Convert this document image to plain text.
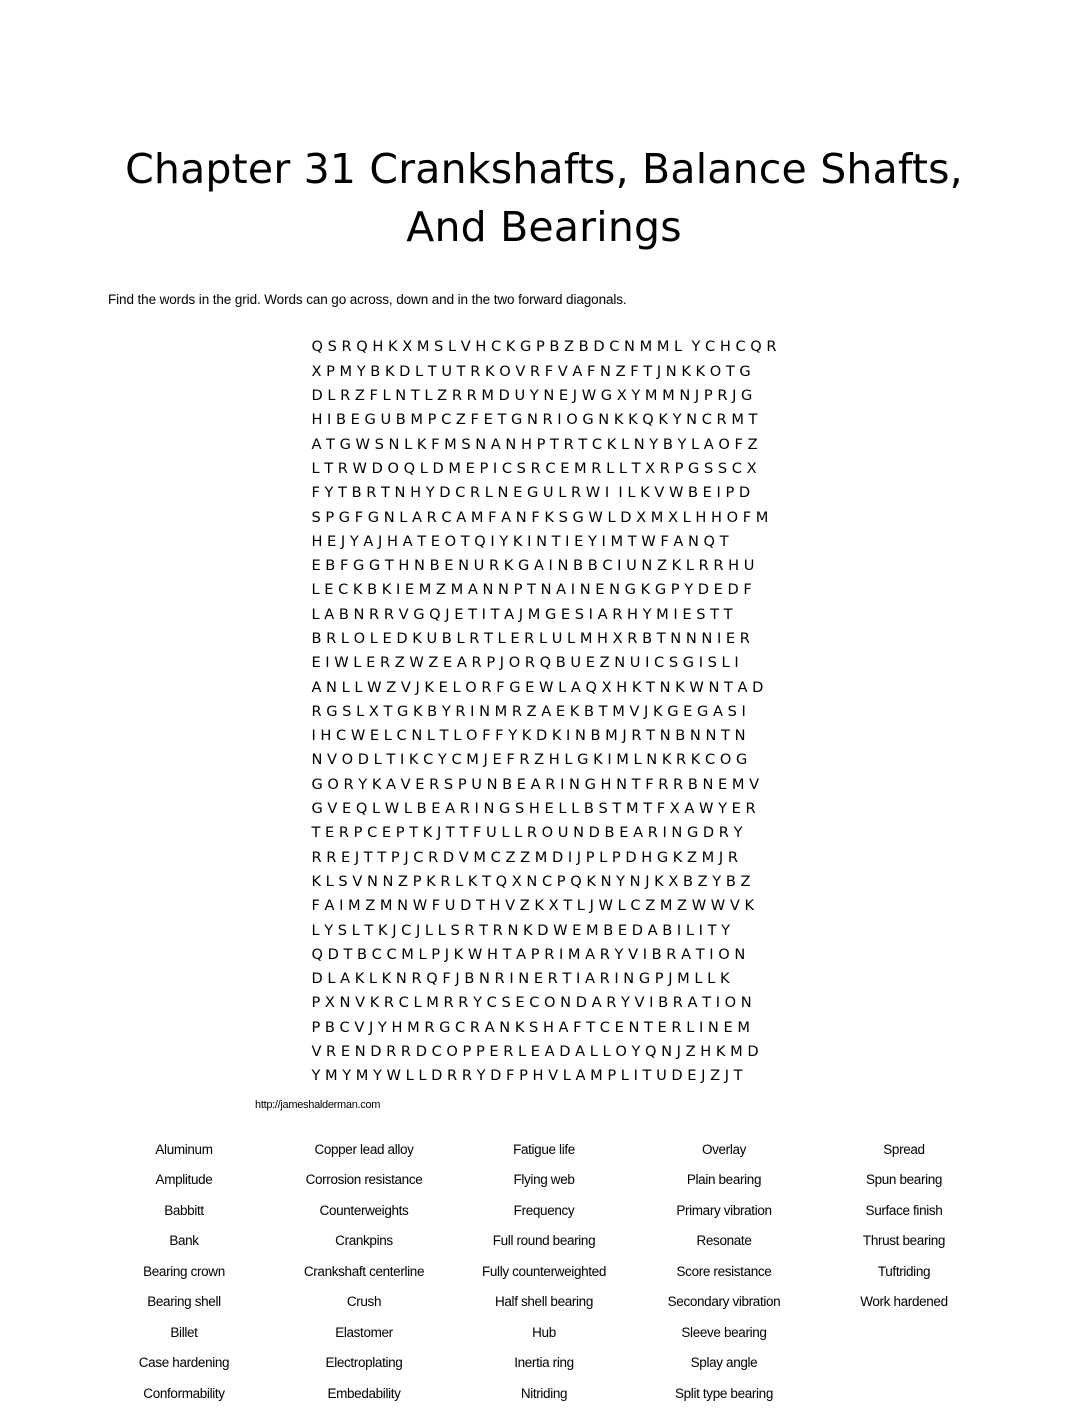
Chapter 31 Crankshafts, Balance Shafts, And Bearings

Find the words in the grid. Words can go across, down and in the two forward diagonals.

Q S R Q H K X M S L V H C K G P B Z B D C N M M L  Y C H C Q R
X P M Y B K D L T U T R K O V R F V A F N Z F T J N K K O T G
D L R Z F L N T L Z R R M D U Y N E J W G X Y M M N J P R J G
H I B E G U B M P C Z F E T G N R I O G N K K Q K Y N C R M T
A T G W S N L K F M S N A N H P T R T C K L N Y B Y L A O F Z
L T R W D O Q L D M E P I C S R C E M R L L T X R P G S S C X
F Y T B R T N H Y D C R L N E G U L R W I  I L K V W B E I P D
S P G F G N L A R C A M F A N F K S G W L D X M X L H H O F M
H E J Y A J H A T E O T Q I Y K I N T I E Y I M T W F A N Q T
E B F G G T H N B E N U R K G A I N B B C I U N Z K L R R H U
L E C K B K I E M Z M A N N P T N A I N E N G K G P Y D E D F
L A B N R R V G Q J E T I T A J M G E S I A R H Y M I E S T T
B R L O L E D K U B L R T L E R L U L M H X R B T N N N I E R
E I W L E R Z W Z E A R P J O R Q B U E Z N U I C S G I S L I
A N L L W Z V J K E L O R F G E W L A Q X H K T N K W N T A D
R G S L X T G K B Y R I N M R Z A E K B T M V J K G E G A S I
I H C W E L C N L T L O F F Y K D K I N B M J R T N B N N T N
N V O D L T I K C Y C M J E F R Z H L G K I M L N K R K C O G
G O R Y K A V E R S P U N B E A R I N G H N T F R R B N E M V
G V E Q L W L B E A R I N G S H E L L B S T M T F X A W Y E R
T E R P C E P T K J T T F U L L R O U N D B E A R I N G D R Y
R R E J T T P J C R D V M C Z Z M D I J P L P D H G K Z M J R
K L S V N N Z P K R L K T Q X N C P Q K N Y N J K X B Z Y B Z
F A I M Z M N W F U D T H V Z K X T L J W L C Z M Z W W V K
L Y S L T K J C J L L S R T R N K D W E M B E D A B I L I T Y
Q D T B C C M L P J K W H T A P R I M A R Y V I B R A T I O N
D L A K L K N R Q F J B N R I N E R T I A R I N G P J M L L K
P X N V K R C L M R R Y C S E C O N D A R Y V I B R A T I O N
P B C V J Y H M R G C R A N K S H A F T C E N T E R L I N E M
V R E N D R R D C O P P E R L E A D A L L O Y Q N J Z H K M D
Y M Y M Y W L L D R R Y D F P H V L A M P L I T U D E J Z J T
http://jameshalderman.com
Aluminum	Copper lead alloy	Fatigue life	Overlay	Spread
Amplitude	Corrosion resistance	Flying web	Plain bearing	Spun bearing
Babbitt	Counterweights	Frequency	Primary vibration	Surface finish
Bank	Crankpins	Full round bearing	Resonate	Thrust bearing
Bearing crown	Crankshaft centerline	Fully counterweighted	Score resistance	Tuftriding
Bearing shell	Crush	Half shell bearing	Secondary vibration	Work hardened
Billet	Elastomer	Hub	Sleeve bearing
Case hardening	Electroplating	Inertia ring	Splay angle
Conformability	Embedability	Nitriding	Split type bearing
